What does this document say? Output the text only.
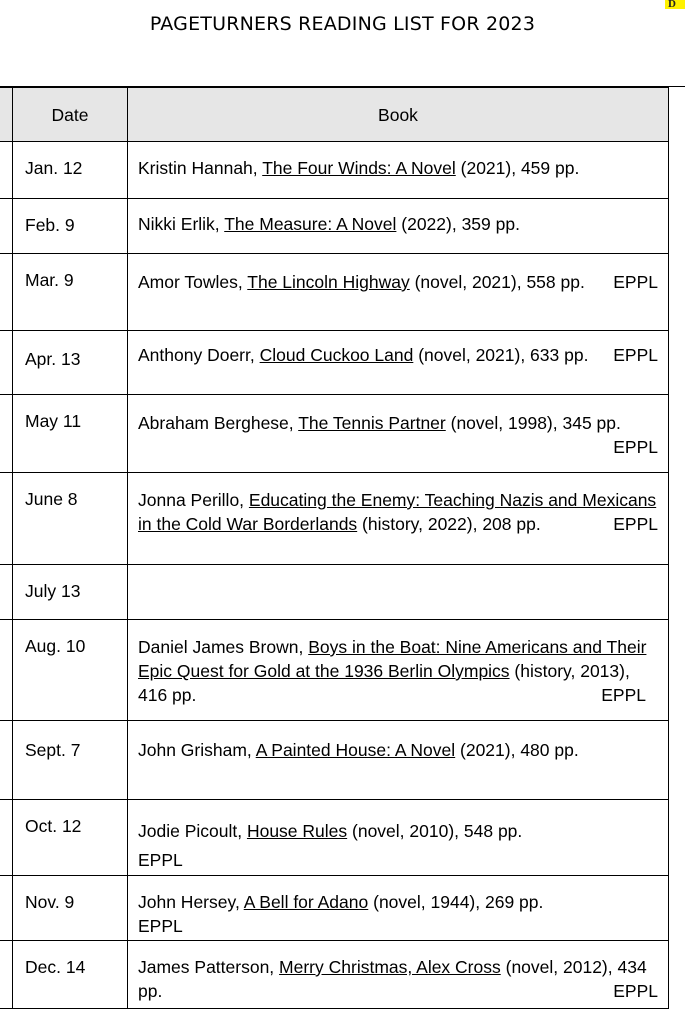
D
PAGETURNERS READING LIST FOR 2023
	Date	Book
	Jan. 12	Kristin Hannah, The Four Winds: A Novel (2021), 459 pp.
	Feb. 9	Nikki Erlik, The Measure: A Novel (2022), 359 pp.
	Mar. 9	Amor Towles, The Lincoln Highway (novel, 2021), 558 pp. EPPL

	Apr. 13	Anthony Doerr, Cloud Cuckoo Land (novel, 2021), 633 pp. EPPL

	May 11	Abraham Berghese, The Tennis Partner (novel, 1998), 345 pp.
EPPL

	June 8	Jonna Perillo, Educating the Enemy: Teaching Nazis and Mexicans in the Cold War Borderlands (history, 2022), 208 pp. EPPL

	July 13	
	Aug. 10	Daniel James Brown, Boys in the Boat: Nine Americans and Their Epic Quest for Gold at the 1936 Berlin Olympics (history, 2013), 416 pp. EPPL

	Sept. 7	John Grisham, A Painted House: A Novel (2021), 480 pp.
	Oct. 12	Jodie Picoult, House Rules (novel, 2010), 548 pp.
EPPL

	Nov. 9	John Hersey, A Bell for Adano (novel, 1944), 269 pp.
EPPL

	Dec. 14	James Patterson, Merry Christmas, Alex Cross (novel, 2012), 434 pp. EPPL
